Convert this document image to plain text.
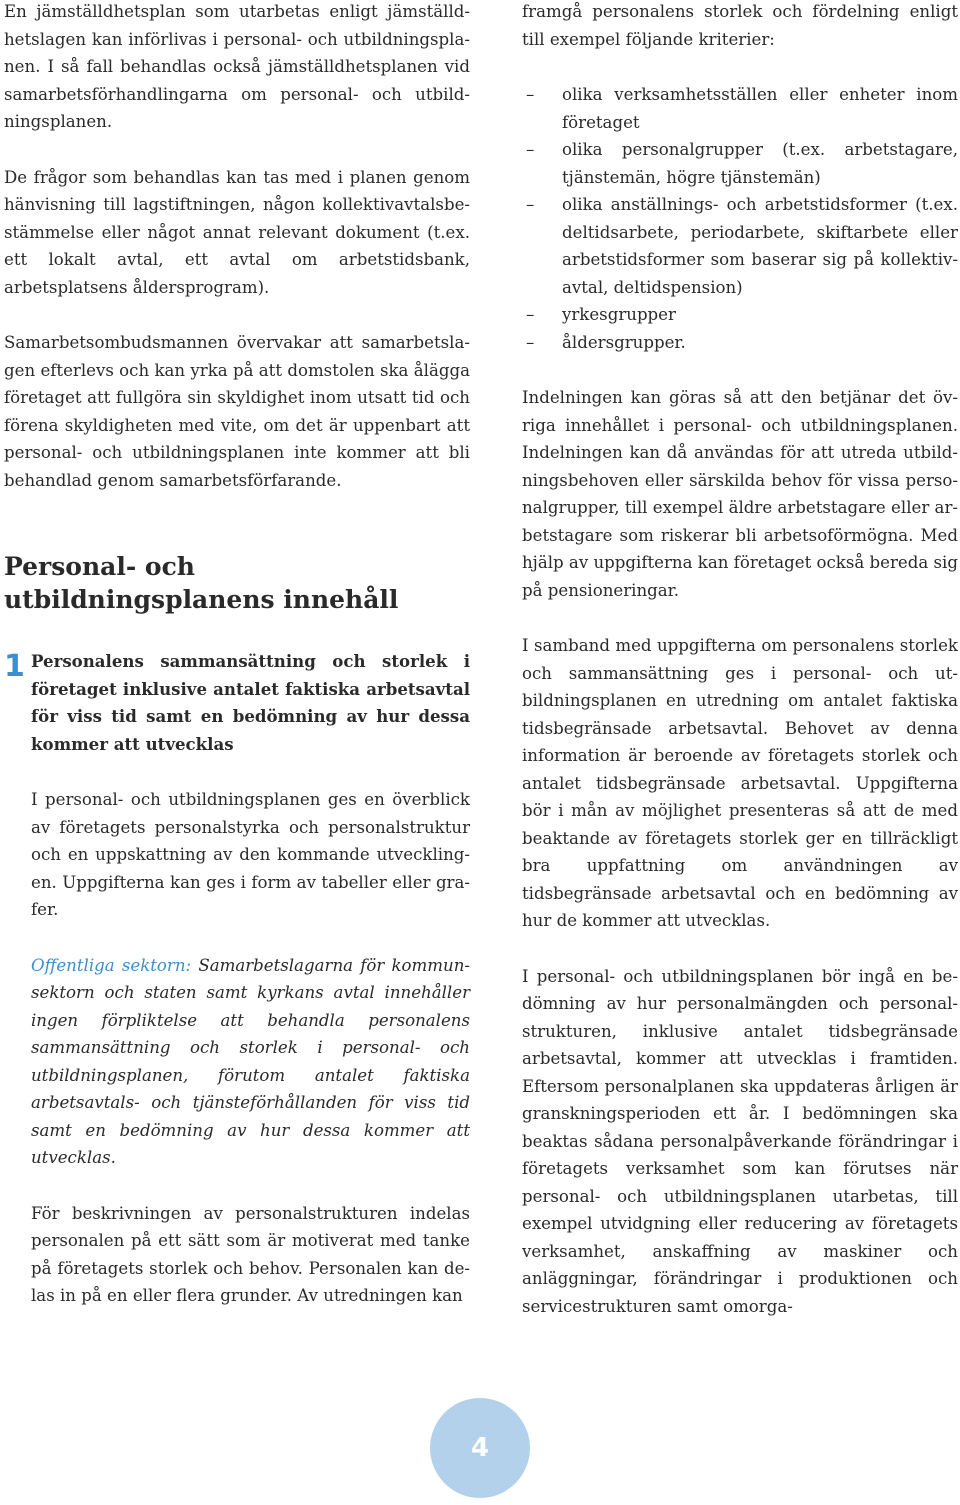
En jämställdhetsplan som utarbetas enligt jämställdhetslagen kan införlivas i personal- och utbildningsplanen. I så fall behandlas också jämställdhetsplanen vid samarbetsförhandlingarna om personal- och utbildningsplanen.

De frågor som behandlas kan tas med i planen genom hänvisning till lagstiftningen, någon kollektivavtalsbestämmelse eller något annat relevant dokument (t.ex. ett lokalt avtal, ett avtal om arbetstidsbank, arbetsplatsens åldersprogram).

Samarbetsombudsmannen övervakar att samarbetslagen efterlevs och kan yrka på att domstolen ska ålägga företaget att fullgöra sin skyldighet inom utsatt tid och förena skyldigheten med vite, om det är uppenbart att personal- och utbildningsplanen inte kommer att bli behandlad genom samarbetsförfarande.

Personal- och utbildningsplanens innehåll
1 Personalens sammansättning och storlek i företaget inklusive antalet faktiska arbetsavtal för viss tid samt en bedömning av hur dessa kommer att utvecklas

I personal- och utbildningsplanen ges en överblick av företagets personalstyrka och personalstruktur och en uppskattning av den kommande utvecklingen. Uppgifterna kan ges i form av tabeller eller grafer.

Offentliga sektorn: Samarbetslagarna för kommunsektorn och staten samt kyrkans avtal innehåller ingen förpliktelse att behandla personalens sammansättning och storlek i personal- och utbildningsplanen, förutom antalet faktiska arbetsavtals- och tjänsteförhållanden för viss tid samt en bedömning av hur dessa kommer att utvecklas.

För beskrivningen av personalstrukturen indelas personalen på ett sätt som är motiverat med tanke på företagets storlek och behov. Personalen kan delas in på en eller flera grunder. Av utredningen kan

framgå personalens storlek och fördelning enligt till exempel följande kriterier:

– olika verksamhetsställen eller enheter inom företaget
– olika personalgrupper (t.ex. arbetstagare, tjänstemän, högre tjänstemän)
– olika anställnings- och arbetstidsformer (t.ex. deltidsarbete, periodarbete, skiftarbete eller arbetstidsformer som baserar sig på kollektivavtal, deltidspension)
– yrkesgrupper
– åldersgrupper.

Indelningen kan göras så att den betjänar det övriga innehållet i personal- och utbildningsplanen. Indelningen kan då användas för att utreda utbildningsbehoven eller särskilda behov för vissa personalgrupper, till exempel äldre arbetstagare eller arbetstagare som riskerar bli arbetsoförmögna. Med hjälp av uppgifterna kan företaget också bereda sig på pensioneringar.

I samband med uppgifterna om personalens storlek och sammansättning ges i personal- och utbildningsplanen en utredning om antalet faktiska tidsbegränsade arbetsavtal. Behovet av denna information är beroende av företagets storlek och antalet tidsbegränsade arbetsavtal. Uppgifterna bör i mån av möjlighet presenteras så att de med beaktande av företagets storlek ger en tillräckligt bra uppfattning om användningen av tidsbegränsade arbetsavtal och en bedömning av hur de kommer att utvecklas.

I personal- och utbildningsplanen bör ingå en bedömning av hur personalmängden och personalstrukturen, inklusive antalet tidsbegränsade arbetsavtal, kommer att utvecklas i framtiden. Eftersom personalplanen ska uppdateras årligen är granskningsperioden ett år. I bedömningen ska beaktas sådana personalpåverkande förändringar i företagets verksamhet som kan förutses när personal- och utbildningsplanen utarbetas, till exempel utvidgning eller reducering av företagets verksamhet, anskaffning av maskiner och anläggningar, förändringar i produktionen och servicestrukturen samt omorga-

4
